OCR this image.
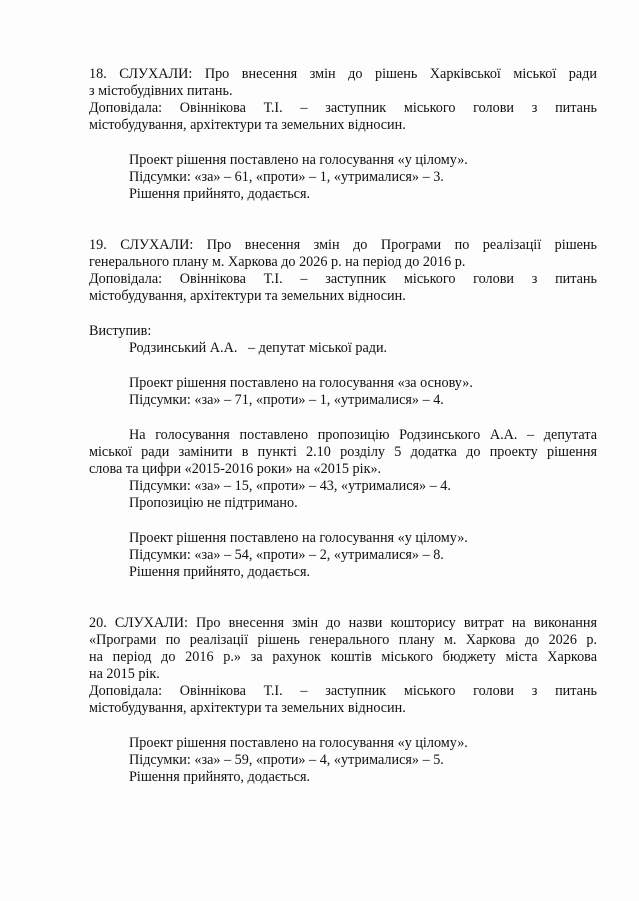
18. СЛУХАЛИ: Про внесення змін до рішень Харківської міської ради

з містобудівних питань.

Доповідала: Овіннікова Т.І. – заступник міського голови з питань

містобудування, архітектури та земельних відносин.

Проект рішення поставлено на голосування «у цілому».

Підсумки: «за» – 61, «проти» – 1, «утрималися» – 3.

Рішення прийнято, додається.

19. СЛУХАЛИ: Про внесення змін до Програми по реалізації рішень

генерального плану м. Харкова до 2026 р. на період до 2016 р.

Доповідала: Овіннікова Т.І. – заступник міського голови з питань

містобудування, архітектури та земельних відносин.

Виступив:

Родзинський А.А.   – депутат міської ради.

Проект рішення поставлено на голосування «за основу».

Підсумки: «за» – 71, «проти» – 1, «утрималися» – 4.

На голосування поставлено пропозицію Родзинського А.А. – депутата

міської ради замінити в пункті 2.10 розділу 5 додатка до проекту рішення

слова та цифри «2015-2016 роки» на «2015 рік».

Підсумки: «за» – 15, «проти» – 43, «утрималися» – 4.

Пропозицію не підтримано.

Проект рішення поставлено на голосування «у цілому».

Підсумки: «за» – 54, «проти» – 2, «утрималися» – 8.

Рішення прийнято, додається.

20. СЛУХАЛИ: Про внесення змін до назви кошторису витрат на виконання

«Програми по реалізації рішень генерального плану м. Харкова до 2026 р.

на період до 2016 р.» за рахунок коштів міського бюджету міста Харкова

на 2015 рік.

Доповідала: Овіннікова Т.І. – заступник міського голови з питань

містобудування, архітектури та земельних відносин.

Проект рішення поставлено на голосування «у цілому».

Підсумки: «за» – 59, «проти» – 4, «утрималися» – 5.

Рішення прийнято, додається.
